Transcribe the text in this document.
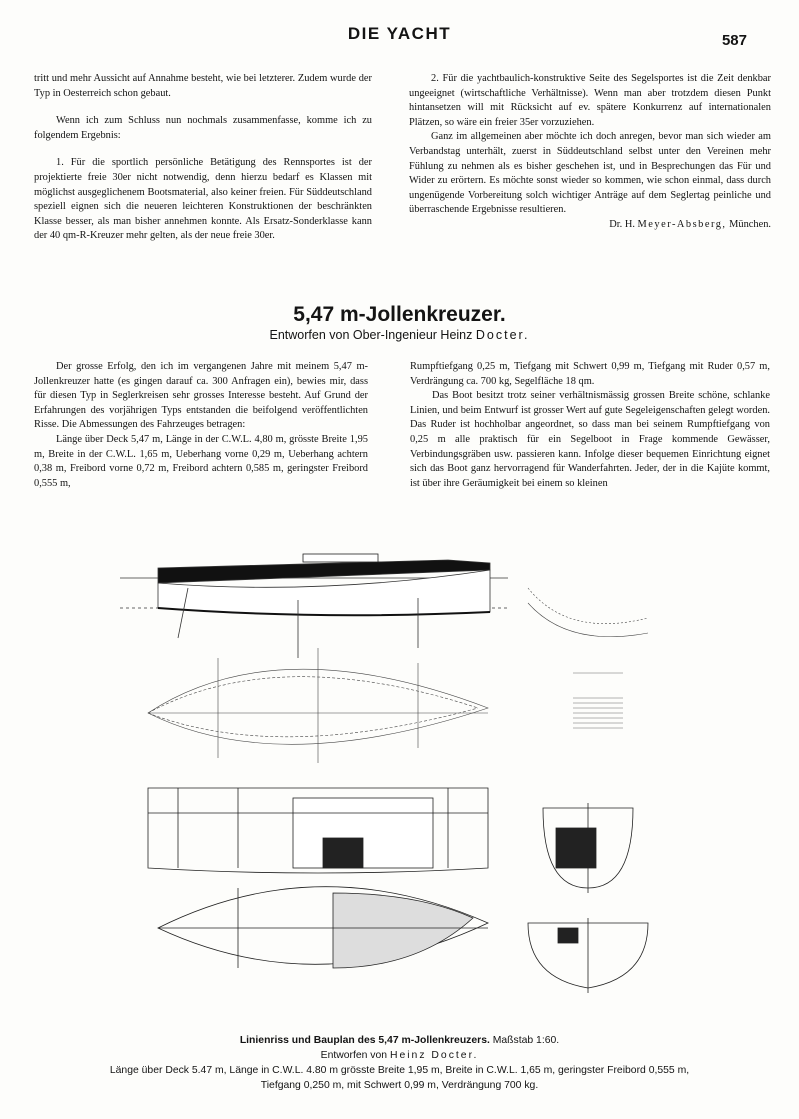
DIE YACHT	587

tritt und mehr Aussicht auf Annahme besteht, wie bei letzterer. Zudem wurde der Typ in Oesterreich schon gebaut.

Wenn ich zum Schluss nun nochmals zusammenfasse, komme ich zu folgendem Ergebnis:

1. Für die sportlich persönliche Betätigung des Rennsportes ist der projektierte freie 30er nicht notwendig, denn hierzu bedarf es Klassen mit möglichst ausgeglichenem Bootsmaterial, also keiner freien. Für Süddeutschland speziell eignen sich die neueren leichteren Konstruktionen der beschränkten Klasse besser, als man bisher annehmen konnte. Als Ersatz-Sonderklasse kann der 40 qm-R-Kreuzer mehr gelten, als der neue freie 30er.

2. Für die yachtbaulich-konstruktive Seite des Segelsportes ist die Zeit denkbar ungeeignet (wirtschaftliche Verhältnisse). Wenn man aber trotzdem diesen Punkt hintansetzen will mit Rücksicht auf ev. spätere Konkurrenz auf internationalen Plätzen, so wäre ein freier 35er vorzuziehen.

Ganz im allgemeinen aber möchte ich doch anregen, bevor man sich wieder am Verbandstag unterhält, zuerst in Süddeutschland selbst unter den Vereinen mehr Fühlung zu nehmen als es bisher geschehen ist, und in Besprechungen das Für und Wider zu erörtern. Es möchte sonst wieder so kommen, wie schon einmal, dass durch ungenügende Vorbereitung solch wichtiger Anträge auf dem Seglertag peinliche und überraschende Ergebnisse resultieren.

Dr. H. Meyer-Absberg, München.

5,47 m-Jollenkreuzer.
Entworfen von Ober-Ingenieur Heinz Docter.

Der grosse Erfolg, den ich im vergangenen Jahre mit meinem 5,47 m-Jollenkreuzer hatte (es gingen darauf ca. 300 Anfragen ein), bewies mir, dass für diesen Typ in Seglerkreisen sehr grosses Interesse besteht. Auf Grund der Erfahrungen des vorjährigen Typs entstanden die beifolgend veröffentlichten Risse. Die Abmessungen des Fahrzeuges betragen:

Länge über Deck 5,47 m, Länge in der C.W.L. 4,80 m, grösste Breite 1,95 m, Breite in der C.W.L. 1,65 m, Ueberhang vorne 0,29 m, Ueberhang achtern 0,38 m, Freibord vorne 0,72 m, Freibord achtern 0,585 m, geringster Freibord 0,555 m,

Rumpftiefgang 0,25 m, Tiefgang mit Schwert 0,99 m, Tiefgang mit Ruder 0,57 m, Verdrängung ca. 700 kg, Segelfläche 18 qm.

Das Boot besitzt trotz seiner verhältnismässig grossen Breite schöne, schlanke Linien, und beim Entwurf ist grosser Wert auf gute Segeleigenschaften gelegt worden. Das Ruder ist hochholbar angeordnet, so dass man bei seinem Rumpftiefgang von 0,25 m alle praktisch für ein Segelboot in Frage kommende Gewässer, Verbindungsgräben usw. passieren kann. Infolge dieser bequemen Einrichtung eignet sich das Boot ganz hervorragend für Wanderfahrten. Jeder, der in die Kajüte kommt, ist über ihre Geräumigkeit bei einem so kleinen

Linienriss und Bauplan des 5,47 m-Jollenkreuzers. Maßstab 1:60.
Entworfen von Heinz Docter.
Länge über Deck 5.47 m, Länge in C.W.L. 4.80 m grösste Breite 1,95 m, Breite in C.W.L. 1,65 m, geringster Freibord 0,555 m,
Tiefgang 0,250 m, mit Schwert 0,99 m, Verdrängung 700 kg.
